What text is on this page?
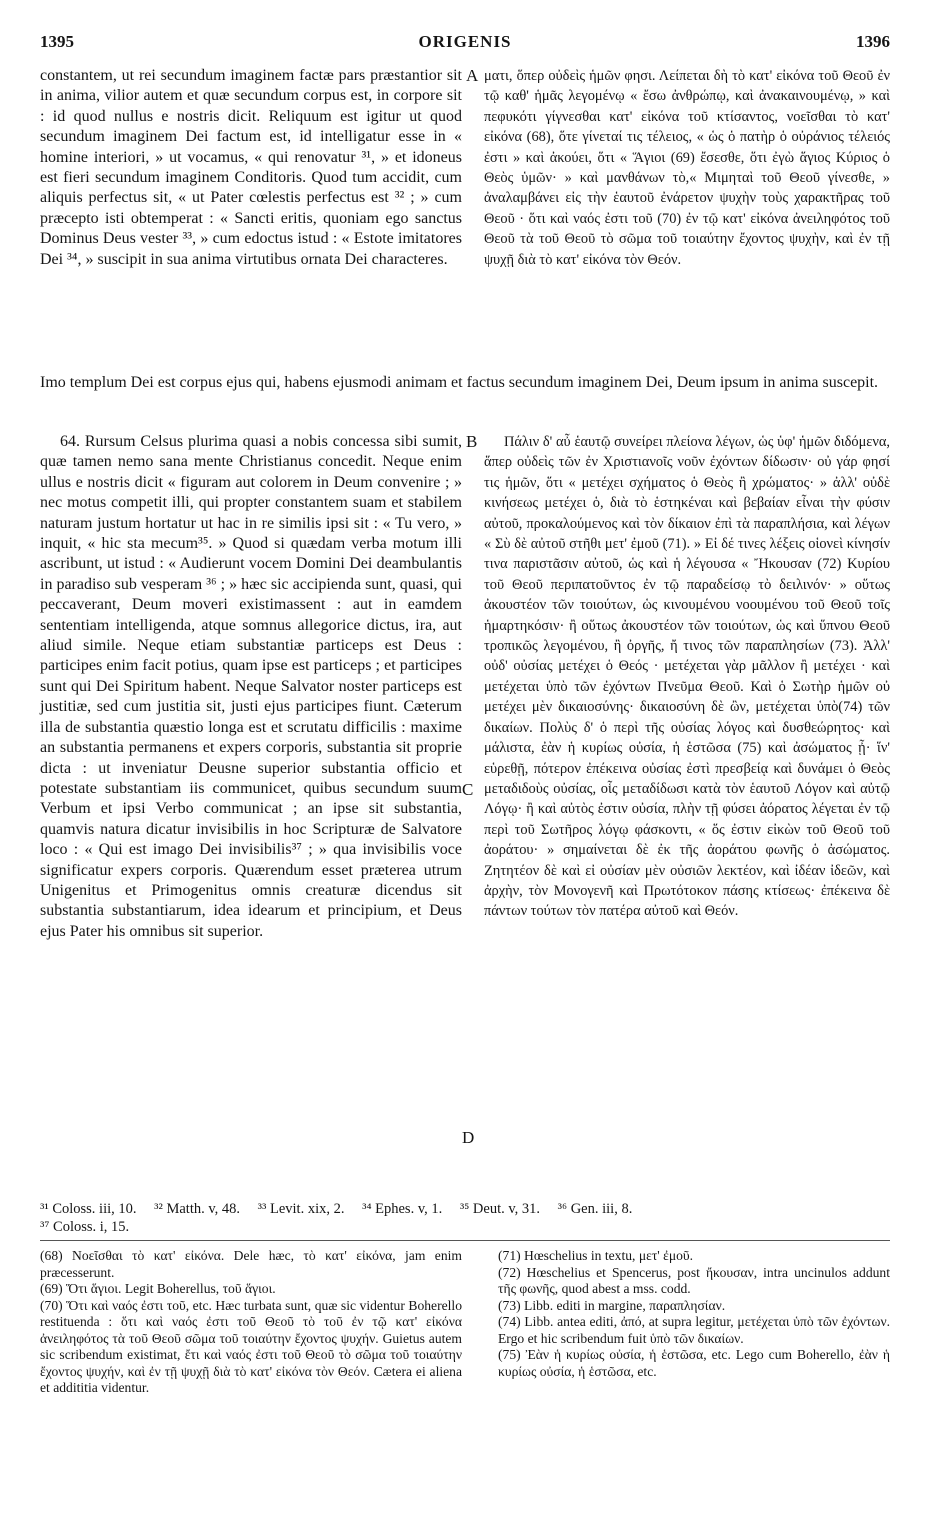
1395	ORIGENIS	1396

constantem, ut rei secundum imaginem factæ pars præstantior sit in anima, vilior autem et quæ secundum corpus est, in corpore sit : id quod nullus e nostris dicit. Reliquum est igitur ut quod secundum imaginem Dei factum est, id intelligatur esse in « homine interiori, » ut vocamus, « qui renovatur ³¹, » et idoneus est fieri secundum imaginem Conditoris. Quod tum accidit, cum aliquis perfectus sit, « ut Pater cœlestis perfectus est ³² ; » cum præcepto isti obtemperat : « Sancti eritis, quoniam ego sanctus Dominus Deus vester ³³, » cum edoctus istud : « Estote imitatores Dei ³⁴, » suscipit in sua anima virtutibus ornata Dei characteres.

A ματι, ὅπερ οὐδεὶς ἡμῶν φησι. Λείπεται δὴ τὸ κατ' εἰκόνα τοῦ Θεοῦ ἐν τῷ καθ' ἡμᾶς λεγομένῳ « ἔσω ἀνθρώπῳ, καὶ ἀνακαινουμένῳ, » καὶ πεφυκότι γίγνεσθαι κατ' εἰκόνα τοῦ κτίσαντος, νοεῖσθαι τὸ κατ' εἰκόνα (68), ὅτε γίνεταί τις τέλειος, « ὡς ὁ πατὴρ ὁ οὐράνιος τέλειός ἐστι » καὶ ἀκούει, ὅτι « Ἅγιοι (69) ἔσεσθε, ὅτι ἐγὼ ἅγιος Κύριος ὁ Θεὸς ὑμῶν· » καὶ μανθάνων τὸ,« Μιμηταὶ τοῦ Θεοῦ γίνεσθε, » ἀναλαμβάνει εἰς τὴν ἑαυτοῦ ἐνάρετον ψυχὴν τοὺς χαρακτῆρας τοῦ Θεοῦ · ὅτι καὶ ναός ἐστι τοῦ (70) ἐν τῷ κατ' εἰκόνα ἀνειληφότος τοῦ Θεοῦ τὰ τοῦ Θεοῦ τὸ σῶμα τοῦ τοιαύτην ἔχοντος ψυχὴν, καὶ ἐν τῇ ψυχῇ διὰ τὸ κατ' εἰκόνα τὸν Θεόν.

Imo templum Dei est corpus ejus qui, habens ejusmodi animam et factus secundum imaginem Dei, Deum ipsum in anima suscepit.

64. Rursum Celsus plurima quasi a nobis concessa sibi sumit, quæ tamen nemo sana mente Christianus concedit. Neque enim ullus e nostris dicit « figuram aut colorem in Deum convenire ; » nec motus competit illi, qui propter constantem suam et stabilem naturam justum hortatur ut hac in re similis ipsi sit : « Tu vero, » inquit, « hic sta mecum³⁵. » Quod si quædam verba motum illi ascribunt, ut istud : « Audierunt vocem Domini Dei deambulantis in paradiso sub vesperam ³⁶ ; » hæc sic accipienda sunt, quasi, qui peccaverant, Deum moveri existimassent : aut in eamdem sententiam intelligenda, atque somnus allegorice dictus, ira, aut aliud simile. Neque etiam substantiæ particeps est Deus : participes enim facit potius, quam ipse est particeps ; et participes sunt qui Dei Spiritum habent. Neque Salvator noster particeps est justitiæ, sed cum justitia sit, justi ejus participes fiunt. Cæterum illa de substantia quæstio longa est et scrutatu difficilis : maxime an substantia permanens et expers corporis, substantia sit proprie dicta : ut inveniatur Deusne superior substantia officio et potestate substantiam iis communicet, quibus secundum suum Verbum et ipsi Verbo communicat ; an ipse sit substantia, quamvis natura dicatur invisibilis in hoc Scripturæ de Salvatore loco : « Qui est imago Dei invisibilis³⁷ ; » qua invisibilis voce significatur expers corporis. Quærendum esset præterea utrum Unigenitus et Primogenitus omnis creaturæ dicendus sit substantia substantiarum, idea idearum et principium, et Deus ejus Pater his omnibus sit superior.

B
C
D

Πάλιν δ' αὖ ἑαυτῷ συνείρει πλείονα λέγων, ὡς ὑφ' ἡμῶν διδόμενα, ἅπερ οὐδεὶς τῶν ἐν Χριστιανοῖς νοῦν ἐχόντων δίδωσιν· οὐ γάρ φησί τις ἡμῶν, ὅτι « μετέχει σχήματος ὁ Θεὸς ἢ χρώματος· » ἀλλ' οὐδὲ κινήσεως μετέχει ὁ, διὰ τὸ ἑστηκέναι καὶ βεβαίαν εἶναι τὴν φύσιν αὐτοῦ, προκαλούμενος καὶ τὸν δίκαιον ἐπὶ τὰ παραπλήσια, καὶ λέγων « Σὺ δὲ αὐτοῦ στῆθι μετ' ἐμοῦ (71). » Εἰ δέ τινες λέξεις οἱονεὶ κίνησίν τινα παριστᾶσιν αὐτοῦ, ὡς καὶ ἡ λέγουσα « Ἤκουσαν (72) Κυρίου τοῦ Θεοῦ περιπατοῦντος ἐν τῷ παραδείσῳ τὸ δειλινόν· » οὕτως ἀκουστέον τῶν τοιούτων, ὡς κινουμένου νοουμένου τοῦ Θεοῦ τοῖς ἡμαρτηκόσιν· ἢ οὕτως ἀκουστέον τῶν τοιούτων, ὡς καὶ ὕπνου Θεοῦ τροπικῶς λεγομένου, ἢ ὀργῆς, ἤ τινος τῶν παραπλησίων (73). Ἀλλ' οὐδ' οὐσίας μετέχει ὁ Θεός · μετέχεται γὰρ μᾶλλον ἢ μετέχει · καὶ μετέχεται ὑπὸ τῶν ἐχόντων Πνεῦμα Θεοῦ. Καὶ ὁ Σωτὴρ ἡμῶν οὐ μετέχει μὲν δικαιοσύνης· δικαιοσύνη δὲ ὢν, μετέχεται ὑπὸ(74) τῶν δικαίων. Πολὺς δ' ὁ περὶ τῆς οὐσίας λόγος καὶ δυσθεώρητος· καὶ μάλιστα, ἐὰν ἡ κυρίως οὐσία, ἡ ἑστῶσα (75) καὶ ἀσώματος ᾖ· ἵν' εὑρεθῇ, πότερον ἐπέκεινα οὐσίας ἐστὶ πρεσβείᾳ καὶ δυνάμει ὁ Θεὸς μεταδιδοὺς οὐσίας, οἷς μεταδίδωσι κατὰ τὸν ἑαυτοῦ Λόγον καὶ αὐτῷ Λόγῳ· ἢ καὶ αὐτὸς ἐστιν οὐσία, πλὴν τῇ φύσει ἀόρατος λέγεται ἐν τῷ περὶ τοῦ Σωτῆρος λόγῳ φάσκοντι, « ὅς ἐστιν εἰκὼν τοῦ Θεοῦ τοῦ ἀοράτου· » σημαίνεται δὲ ἐκ τῆς ἀοράτου φωνῆς ὁ ἀσώματος. Ζητητέον δὲ καὶ εἰ οὐσίαν μὲν οὐσιῶν λεκτέον, καὶ ἰδέαν ἰδεῶν, καὶ ἀρχὴν, τὸν Μονογενῆ καὶ Πρωτότοκον πάσης κτίσεως· ἐπέκεινα δὲ πάντων τούτων τὸν πατέρα αὐτοῦ καὶ Θεόν.

³¹ Coloss. iii, 10. ³² Matth. v, 48. ³³ Levit. xix, 2. ³⁴ Ephes. v, 1. ³⁵ Deut. v, 31. ³⁶ Gen. iii, 8.
³⁷ Coloss. i, 15.

(68) Νοεῖσθαι τὸ κατ' εἰκόνα. Dele hæc, τὸ κατ' εἰκόνα, jam enim præcesserunt.

(69) Ὅτι ἅγιοι. Legit Boherellus, τοῦ ἅγιοι.

(70) Ὅτι καὶ ναός ἐστι τοῦ, etc. Hæc turbata sunt, quæ sic videntur Boherello restituenda : ὅτι καὶ ναός ἐστι τοῦ Θεοῦ τὸ τοῦ ἐν τῷ κατ' εἰκόνα ἀνειληφότος τὰ τοῦ Θεοῦ σῶμα τοῦ τοιαύτην ἔχοντος ψυχήν. Guietus autem sic scribendum existimat, ἔτι καὶ ναός ἐστι τοῦ Θεοῦ τὸ σῶμα τοῦ τοιαύτην ἔχοντος ψυχήν, καὶ ἐν τῇ ψυχῇ διὰ τὸ κατ' εἰκόνα τὸν Θεόν. Cætera ei aliena et addititia videntur.

(71) Hœschelius in textu, μετ' ἐμοῦ.

(72) Hœschelius et Spencerus, post ἤκουσαν, intra uncinulos addunt τῆς φωνῆς, quod abest a mss. codd.

(73) Libb. editi in margine, παραπλησίαν.

(74) Libb. antea editi, ἀπό, at supra legitur, μετέχεται ὑπὸ τῶν ἐχόντων. Ergo et hic scribendum fuit ὑπὸ τῶν δικαίων.

(75) Ἐὰν ἡ κυρίως οὐσία, ἡ ἑστῶσα, etc. Lego cum Boherello, ἐὰν ἡ κυρίως οὐσία, ἡ ἑστῶσα, etc.
